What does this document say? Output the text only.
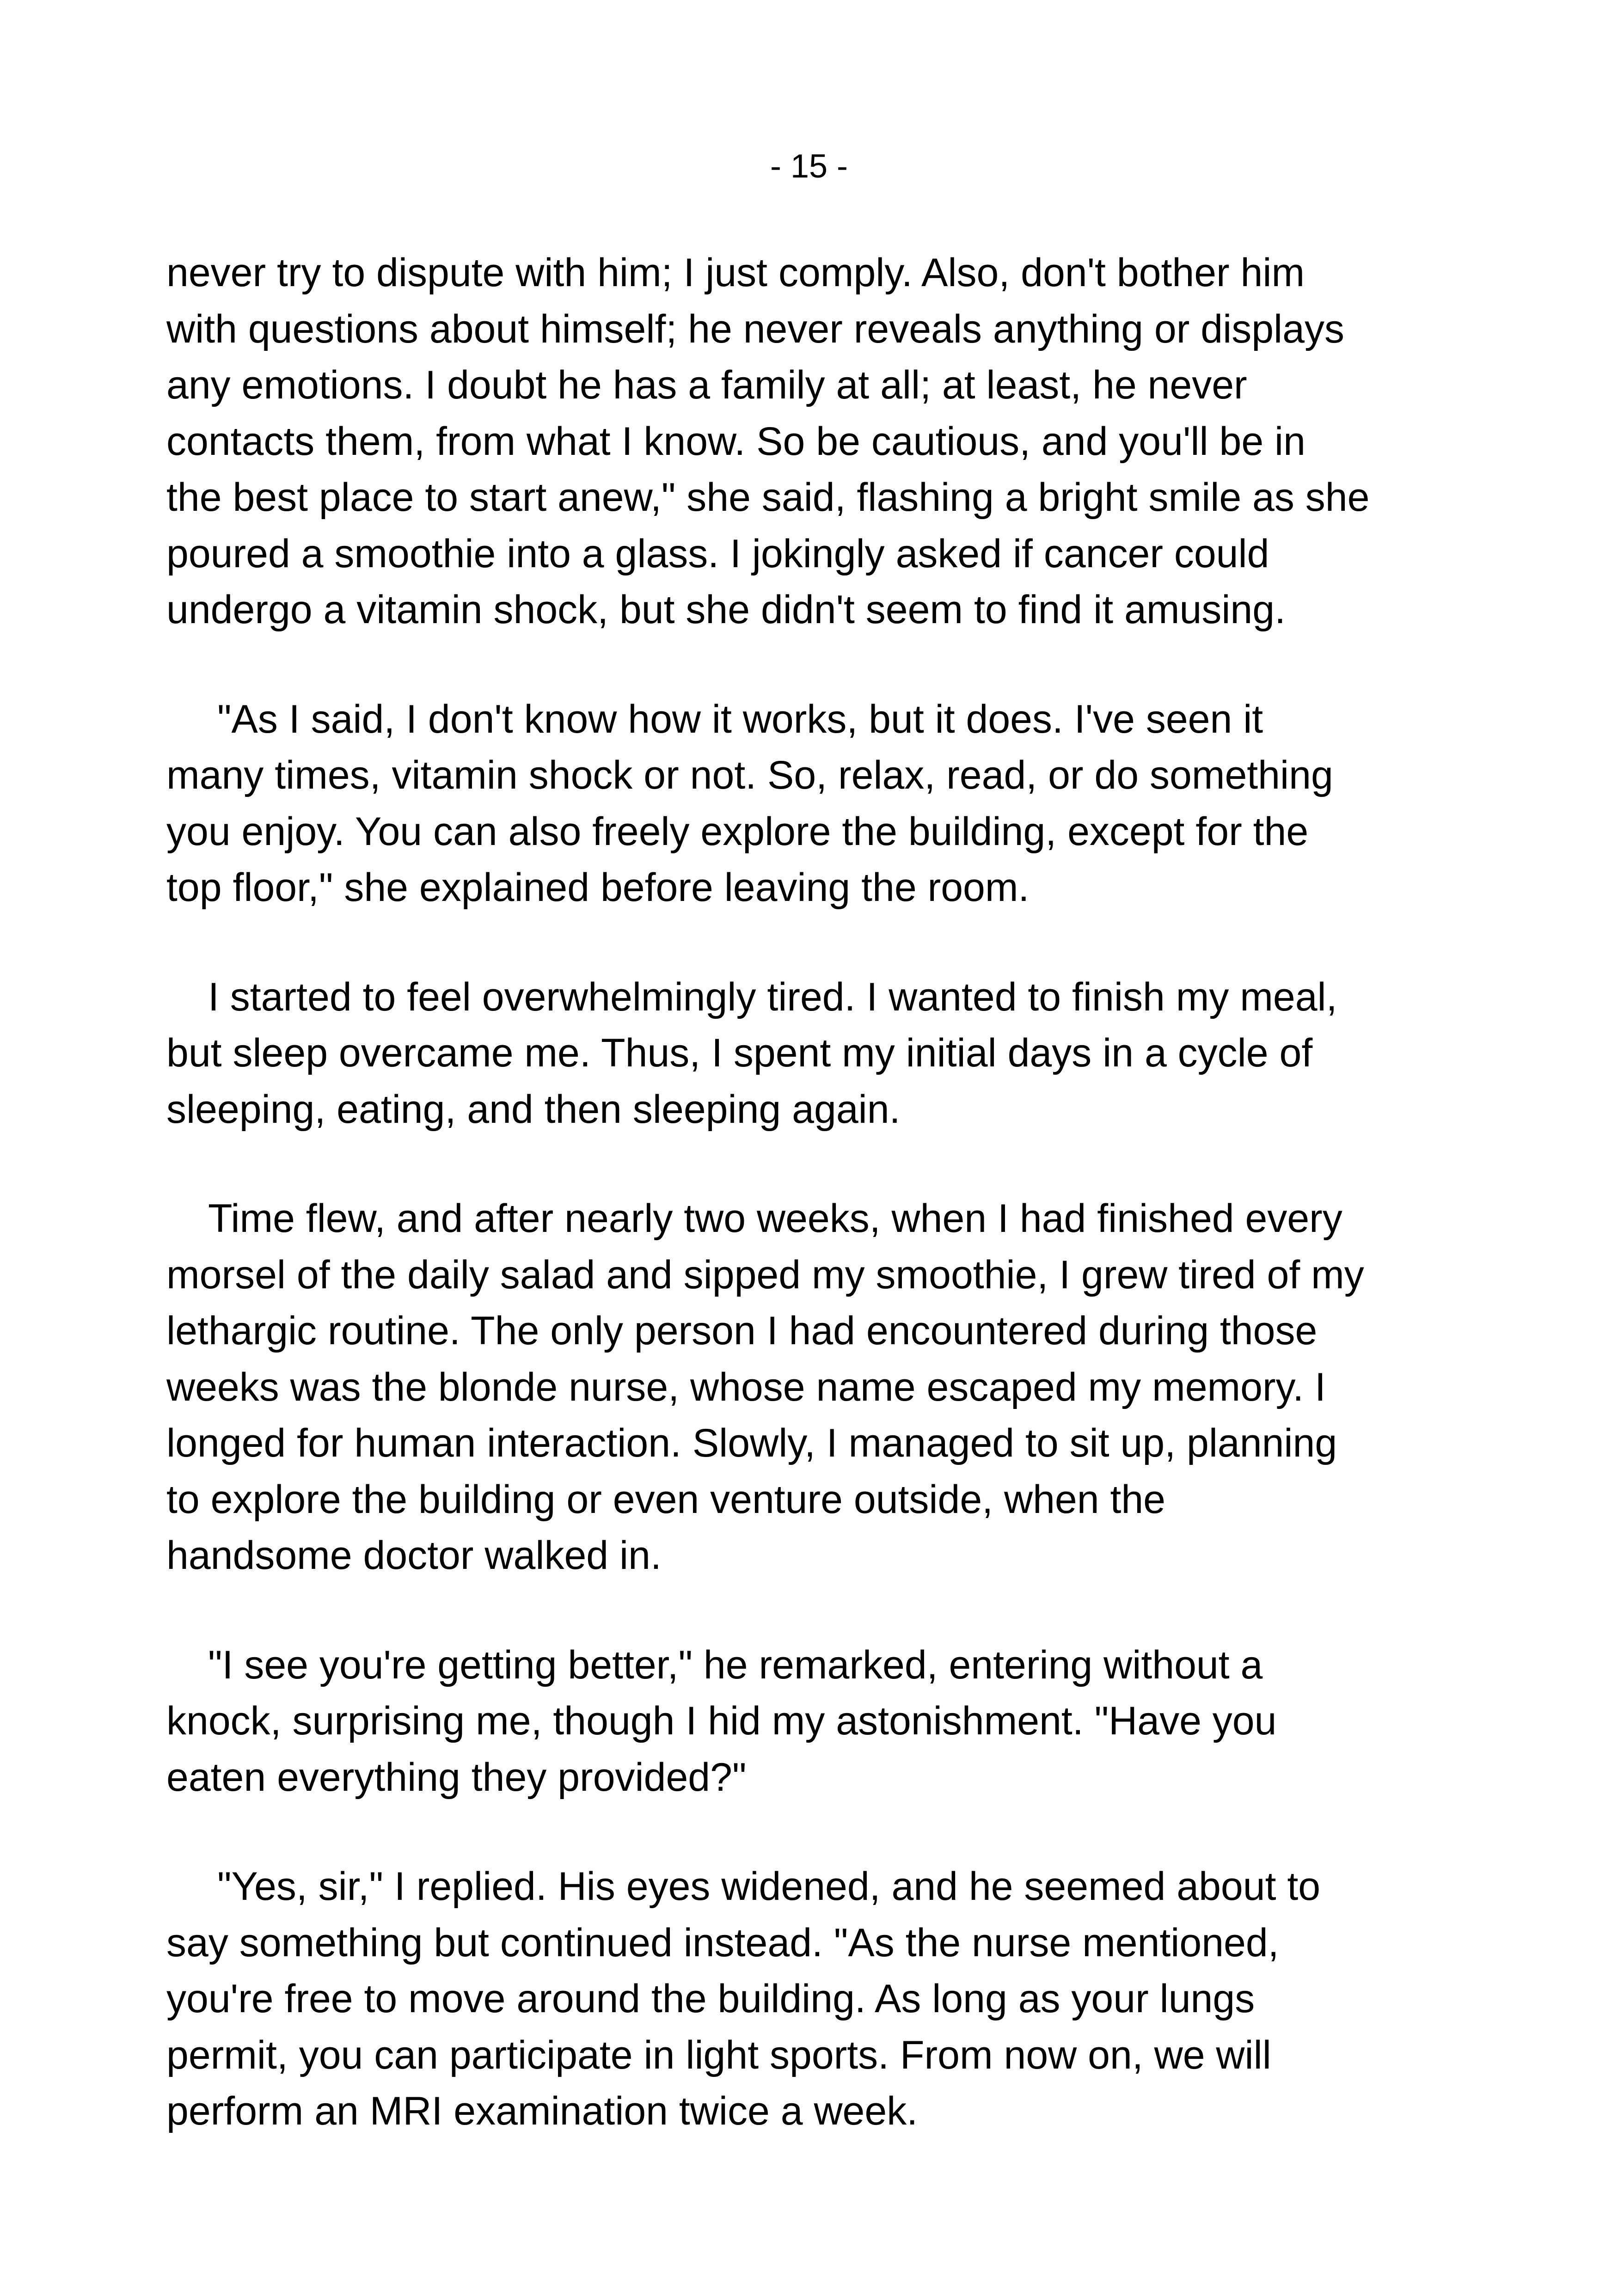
- 15 -
never try to dispute with him; I just comply. Also, don't bother him
with questions about himself; he never reveals anything or displays
any emotions. I doubt he has a family at all; at least, he never
contacts them, from what I know. So be cautious, and you'll be in
the best place to start anew," she said, flashing a bright smile as she
poured a smoothie into a glass. I jokingly asked if cancer could
undergo a vitamin shock, but she didn't seem to find it amusing.
"As I said, I don't know how it works, but it does. I've seen it
many times, vitamin shock or not. So, relax, read, or do something
you enjoy. You can also freely explore the building, except for the
top floor," she explained before leaving the room.
I started to feel overwhelmingly tired. I wanted to finish my meal,
but sleep overcame me. Thus, I spent my initial days in a cycle of
sleeping, eating, and then sleeping again.
Time flew, and after nearly two weeks, when I had finished every
morsel of the daily salad and sipped my smoothie, I grew tired of my
lethargic routine. The only person I had encountered during those
weeks was the blonde nurse, whose name escaped my memory. I
longed for human interaction. Slowly, I managed to sit up, planning
to explore the building or even venture outside, when the
handsome doctor walked in.
"I see you're getting better," he remarked, entering without a
knock, surprising me, though I hid my astonishment. "Have you
eaten everything they provided?"
"Yes, sir," I replied. His eyes widened, and he seemed about to
say something but continued instead. "As the nurse mentioned,
you're free to move around the building. As long as your lungs
permit, you can participate in light sports. From now on, we will
perform an MRI examination twice a week.
